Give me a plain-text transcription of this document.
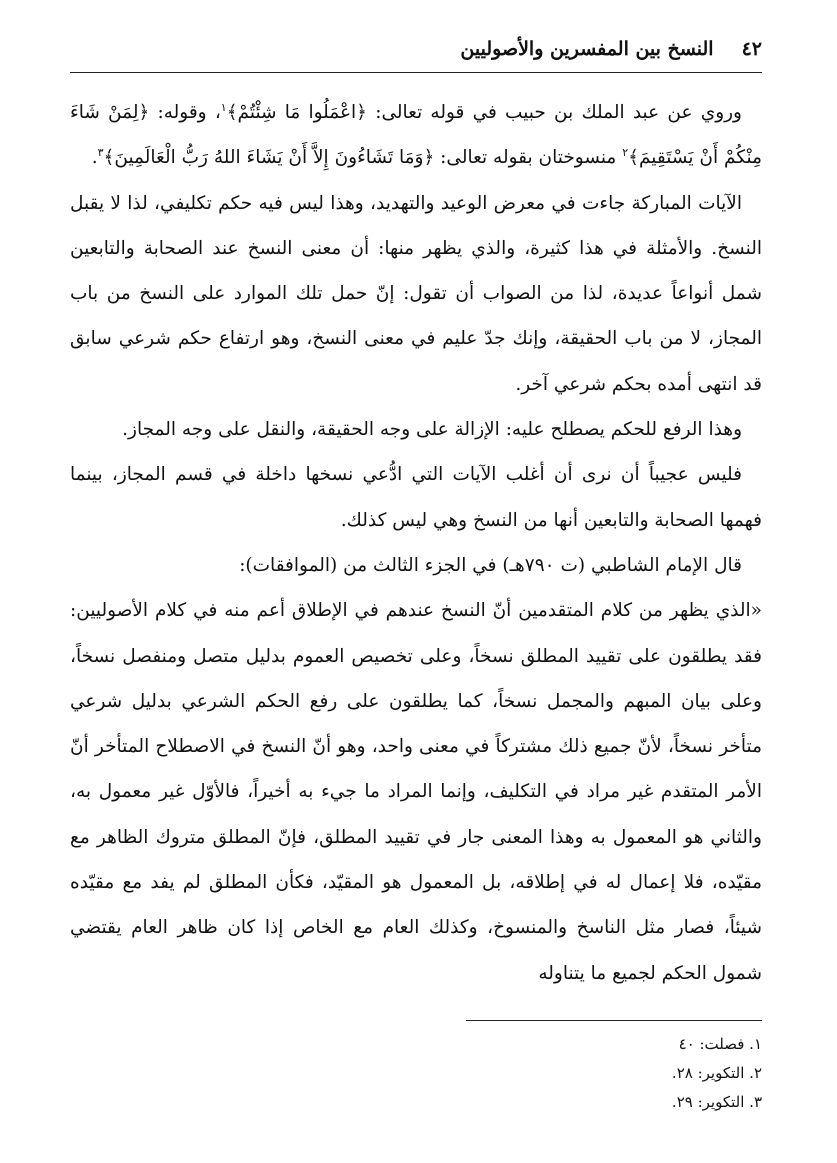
٤٢
النسخ بين المفسرين والأصوليين

وروي عن عبد الملك بن حبيب في قوله تعالى: ﴿اعْمَلُوا مَا شِئْتُمْ﴾$^١$، وقوله: ﴿لِمَنْ شَاءَ مِنْكُمْ أَنْ يَسْتَقِيمَ﴾$^٢$ منسوختان بقوله تعالى: ﴿وَمَا تَشَاءُونَ إِلاَّ أَنْ يَشَاءَ اللهُ رَبُّ الْعَالَمِينَ﴾$^٣$.

الآيات المباركة جاءت في معرض الوعيد والتهديد، وهذا ليس فيه حكم تكليفي، لذا لا يقبل النسخ. والأمثلة في هذا كثيرة، والذي يظهر منها: أن معنى النسخ عند الصحابة والتابعين شمل أنواعاً عديدة، لذا من الصواب أن تقول: إنّ حمل تلك الموارد على النسخ من باب المجاز، لا من باب الحقيقة، وإنك جدّ عليم في معنى النسخ، وهو ارتفاع حكم شرعي سابق قد انتهى أمده بحكم شرعي آخر.

وهذا الرفع للحكم يصطلح عليه: الإزالة على وجه الحقيقة، والنقل على وجه المجاز.

فليس عجيباً أن نرى أن أغلب الآيات التي ادُّعي نسخها داخلة في قسم المجاز، بينما فهمها الصحابة والتابعين أنها من النسخ وهي ليس كذلك.

قال الإمام الشاطبي (ت ٧٩٠هـ) في الجزء الثالث من (الموافقات):

«الذي يظهر من كلام المتقدمين أنّ النسخ عندهم في الإطلاق أعم منه في كلام الأصوليين: فقد يطلقون على تقييد المطلق نسخاً، وعلى تخصيص العموم بدليل متصل ومنفصل نسخاً، وعلى بيان المبهم والمجمل نسخاً، كما يطلقون على رفع الحكم الشرعي بدليل شرعي متأخر نسخاً، لأنّ جميع ذلك مشتركاً في معنى واحد، وهو أنّ النسخ في الاصطلاح المتأخر أنّ الأمر المتقدم غير مراد في التكليف، وإنما المراد ما جيء به أخيراً، فالأوّل غير معمول به، والثاني هو المعمول به وهذا المعنى جار في تقييد المطلق، فإنّ المطلق متروك الظاهر مع مقيّده، فلا إعمال له في إطلاقه، بل المعمول هو المقيّد، فكأن المطلق لم يفد مع مقيّده شيئاً، فصار مثل الناسخ والمنسوخ، وكذلك العام مع الخاص إذا كان ظاهر العام يقتضي شمول الحكم لجميع ما يتناوله

١. فصلت: ٤٠
٢. التكوير: ٢٨.
٣. التكوير: ٢٩.
